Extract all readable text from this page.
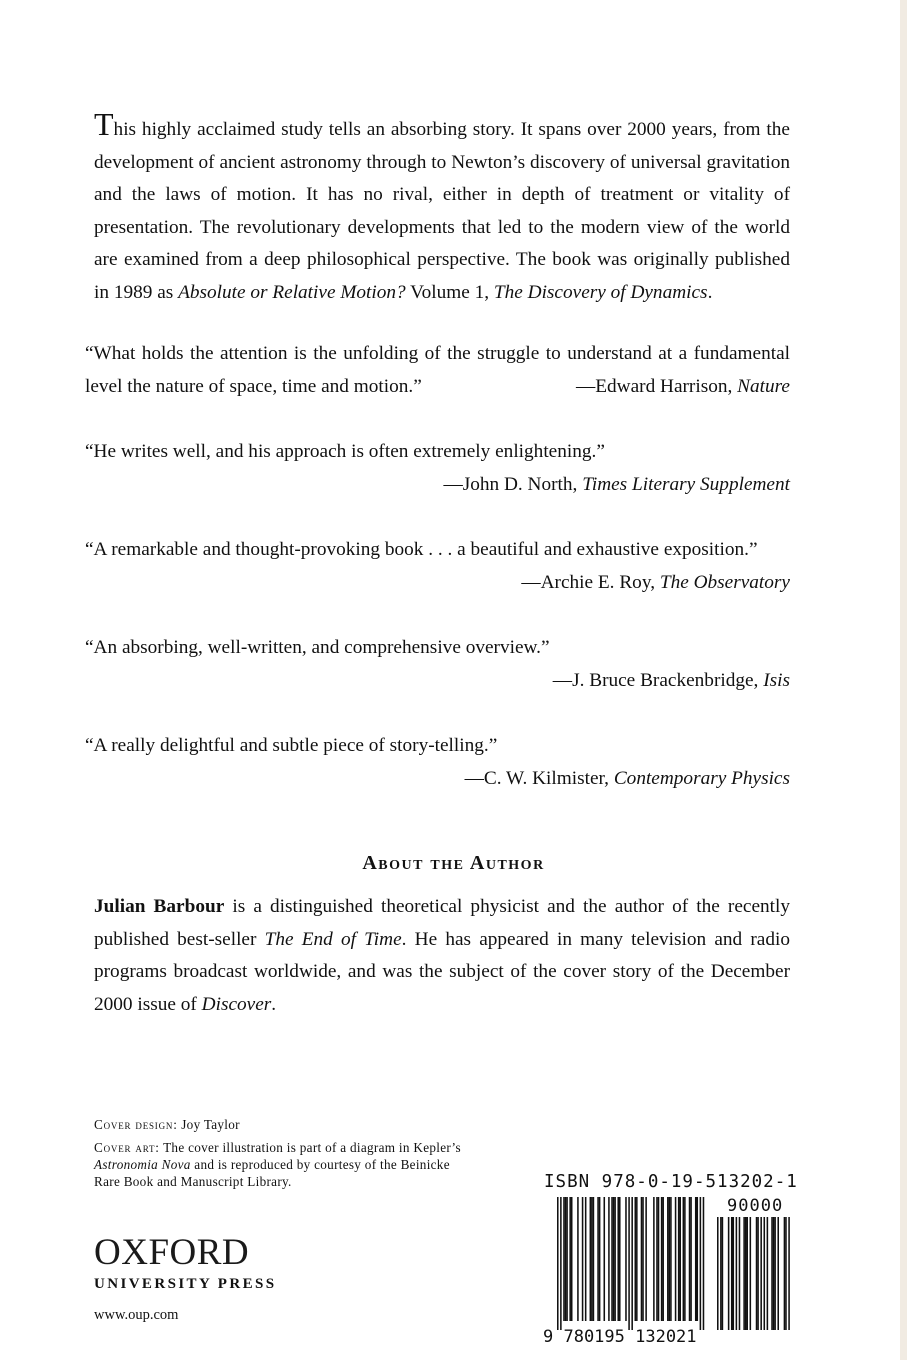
This highly acclaimed study tells an absorbing story. It spans over 2000 years, from the development of ancient astronomy through to Newton’s discovery of universal gravitation and the laws of motion. It has no rival, either in depth of treatment or vitality of presentation. The revolutionary developments that led to the modern view of the world are examined from a deep philosophical perspective. The book was originally published in 1989 as Absolute or Relative Motion? Volume 1, The Discovery of Dynamics.

“What holds the attention is the unfolding of the struggle to understand at a fundamental level the nature of space, time and motion.”	—Edward Harrison, Nature
“He writes well, and his approach is often extremely enlightening.”
—John D. North, Times Literary Supplement
“A remarkable and thought-provoking book . . . a beautiful and exhaustive exposition.”
—Archie E. Roy, The Observatory
“An absorbing, well-written, and comprehensive overview.”
—J. Bruce Brackenbridge, Isis
“A really delightful and subtle piece of story-telling.”
—C. W. Kilmister, Contemporary Physics
About the Author

Julian Barbour is a distinguished theoretical physicist and the author of the recently published best-seller The End of Time. He has appeared in many television and radio programs broadcast worldwide, and was the subject of the cover story of the December 2000 issue of Discover.

Cover design: Joy Taylor
Cover art: The cover illustration is part of a diagram in Kepler’s Astronomia Nova and is reproduced by courtesy of the Beinicke Rare Book and Manuscript Library.
OXFORD
UNIVERSITY PRESS
www.oup.com
ISBN 978-0-19-513202-1
9 780195 132021
90000
